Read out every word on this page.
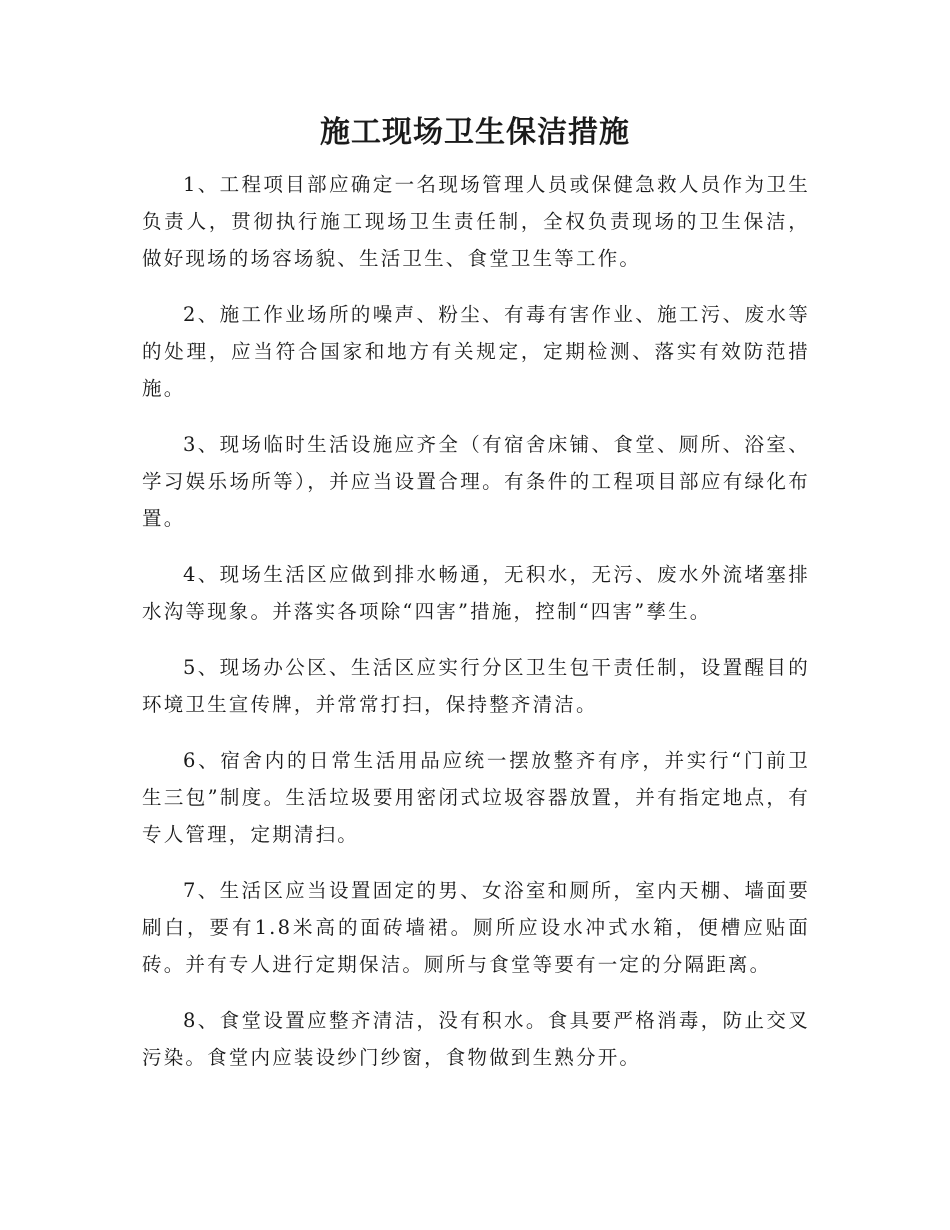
施工现场卫生保洁措施

1、工程项目部应确定一名现场管理人员或保健急救人员作为卫生负责人，贯彻执行施工现场卫生责任制，全权负责现场的卫生保洁，做好现场的场容场貌、生活卫生、食堂卫生等工作。

2、施工作业场所的噪声、粉尘、有毒有害作业、施工污、废水等的处理，应当符合国家和地方有关规定，定期检测、落实有效防范措施。

3、现场临时生活设施应齐全（有宿舍床铺、食堂、厕所、浴室、学习娱乐场所等），并应当设置合理。有条件的工程项目部应有绿化布置。

4、现场生活区应做到排水畅通，无积水，无污、废水外流堵塞排水沟等现象。并落实各项除“四害”措施，控制“四害”孳生。

5、现场办公区、生活区应实行分区卫生包干责任制，设置醒目的环境卫生宣传牌，并常常打扫，保持整齐清洁。

6、宿舍内的日常生活用品应统一摆放整齐有序，并实行“门前卫生三包”制度。生活垃圾要用密闭式垃圾容器放置，并有指定地点，有专人管理，定期清扫。

7、生活区应当设置固定的男、女浴室和厕所，室内天棚、墙面要刷白，要有1.8米高的面砖墙裙。厕所应设水冲式水箱，便槽应贴面砖。并有专人进行定期保洁。厕所与食堂等要有一定的分隔距离。

8、食堂设置应整齐清洁，没有积水。食具要严格消毒，防止交叉污染。食堂内应装设纱门纱窗，食物做到生熟分开。
